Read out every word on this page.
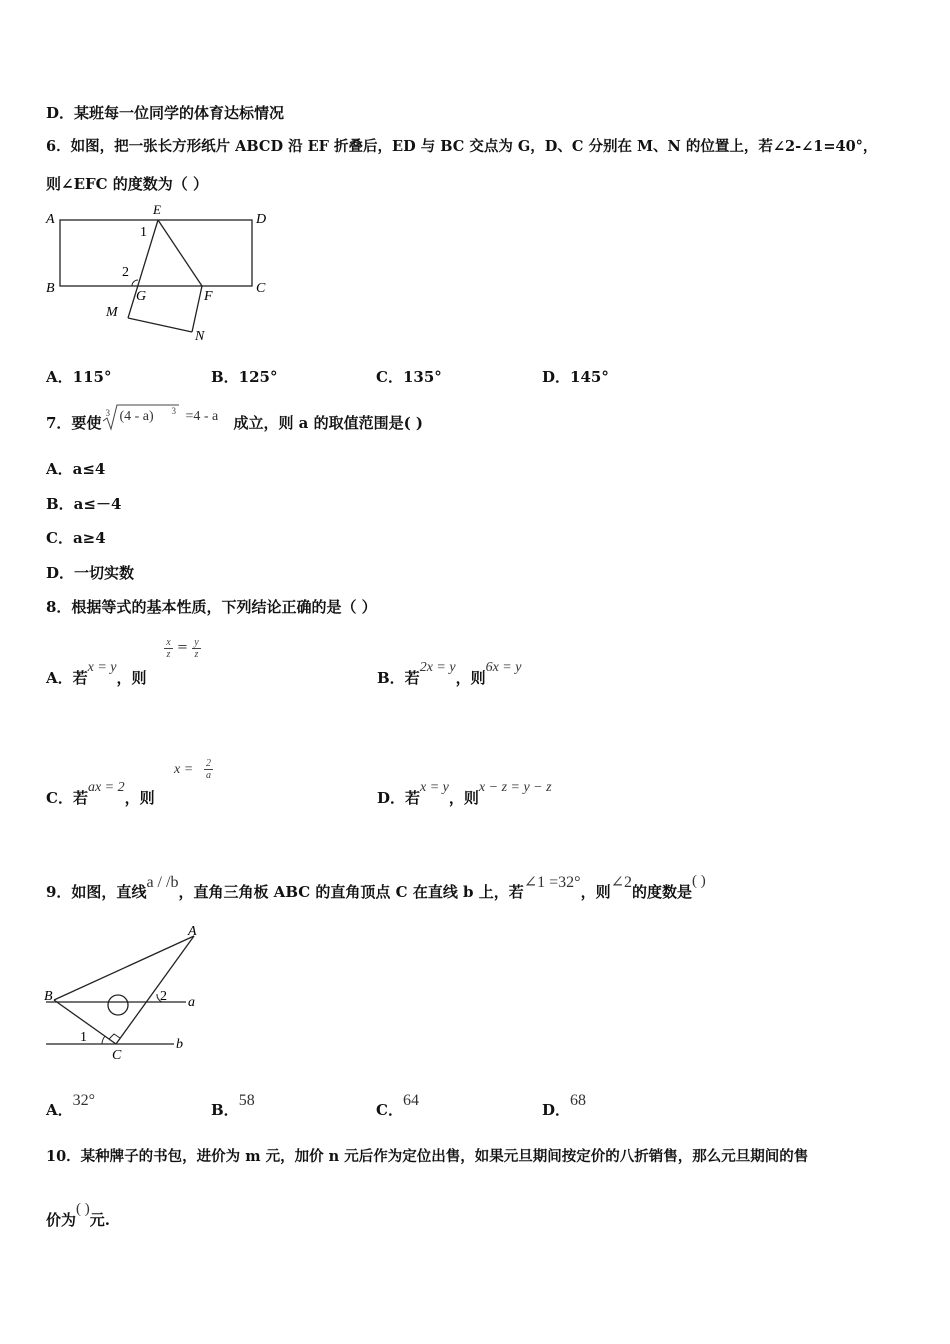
D．某班每一位同学的体育达标情况
6．如图，把一张长方形纸片 ABCD 沿 EF 折叠后，ED 与 BC 交点为 G，D、C 分别在 M、N 的位置上，若∠2-∠1=40°，
则∠EFC 的度数为（ ）
A
B	C
D
E
F
G
M
N
1
2
A．115°	B．125°	C．135°	D．145°
7．要使
3 (4 - a) 3 =4 - a 成立，则 a 的取值范围是( )
A．a≤4
B．a≤－4
C．a≥4
D．一切实数
8．根据等式的基本性质，下列结论正确的是（ ）
A．若x = y，则
$\frac{x}{z} = \frac{y}{z}$
B．若2x = y，则6x = y
C．若ax = 2，则
$x = \frac{2}{a}$
D．若x = y，则x − z = y − z
9．如图，直线a / /b，直角三角板 ABC 的直角顶点 C 在直线 b 上，若∠1 =32°，则∠2的度数是( )
A
B
C
a
b
1
2
A．32°
B．58
C．64
D．68
10．某种牌子的书包，进价为 m 元，加价 n 元后作为定位出售，如果元旦期间按定价的八折销售，那么元旦期间的售
价为( )元.
